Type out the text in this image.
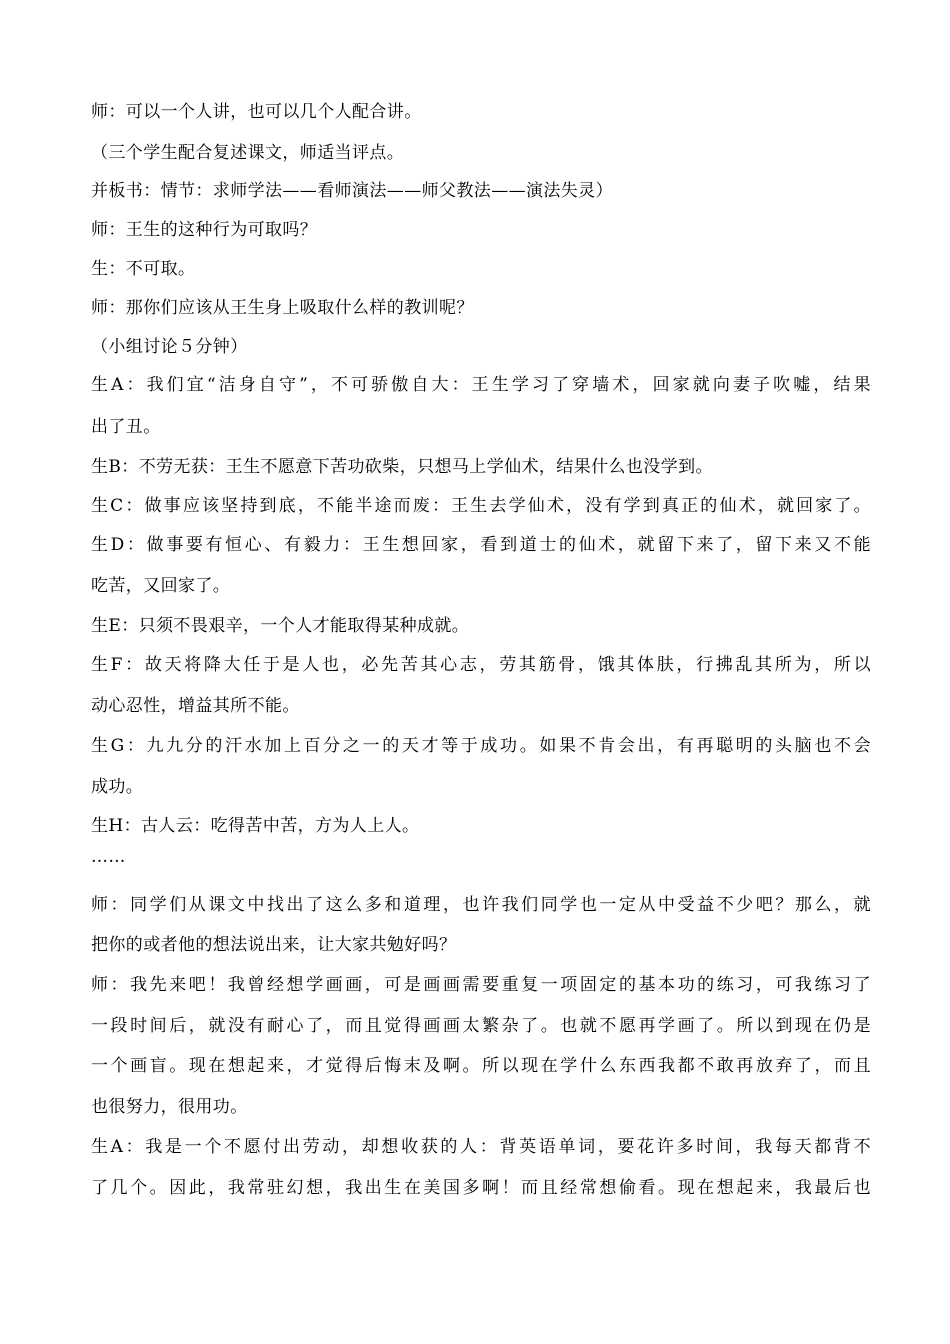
师：可以一个人讲，也可以几个人配合讲。
（三个学生配合复述课文，师适当评点。
并板书：情节：求师学法——看师演法——师父教法——演法失灵）
师：王生的这种行为可取吗？
生：不可取。
师：那你们应该从王生身上吸取什么样的教训呢？
（小组讨论５分钟）
生A：我们宜“洁身自守”，不可骄傲自大：王生学习了穿墙术，回家就向妻子吹嘘，结果
出了丑。
生B：不劳无获：王生不愿意下苦功砍柴，只想马上学仙术，结果什么也没学到。
生C：做事应该坚持到底，不能半途而废：王生去学仙术，没有学到真正的仙术，就回家了。
生D：做事要有恒心、有毅力：王生想回家，看到道士的仙术，就留下来了，留下来又不能
吃苦，又回家了。
生E：只须不畏艰辛，一个人才能取得某种成就。
生F：故天将降大任于是人也，必先苦其心志，劳其筋骨，饿其体肤，行拂乱其所为，所以
动心忍性，增益其所不能。
生G：九九分的汗水加上百分之一的天才等于成功。如果不肯会出，有再聪明的头脑也不会
成功。
生H：古人云：吃得苦中苦，方为人上人。
……
师：同学们从课文中找出了这么多和道理，也许我们同学也一定从中受益不少吧？那么，就
把你的或者他的想法说出来，让大家共勉好吗？
师：我先来吧！我曾经想学画画，可是画画需要重复一项固定的基本功的练习，可我练习了
一段时间后，就没有耐心了，而且觉得画画太繁杂了。也就不愿再学画了。所以到现在仍是
一个画盲。现在想起来，才觉得后悔末及啊。所以现在学什么东西我都不敢再放弃了，而且
也很努力，很用功。
生A：我是一个不愿付出劳动，却想收获的人：背英语单词，要花许多时间，我每天都背不
了几个。因此，我常驻幻想，我出生在美国多啊！而且经常想偷看。现在想起来，我最后也
